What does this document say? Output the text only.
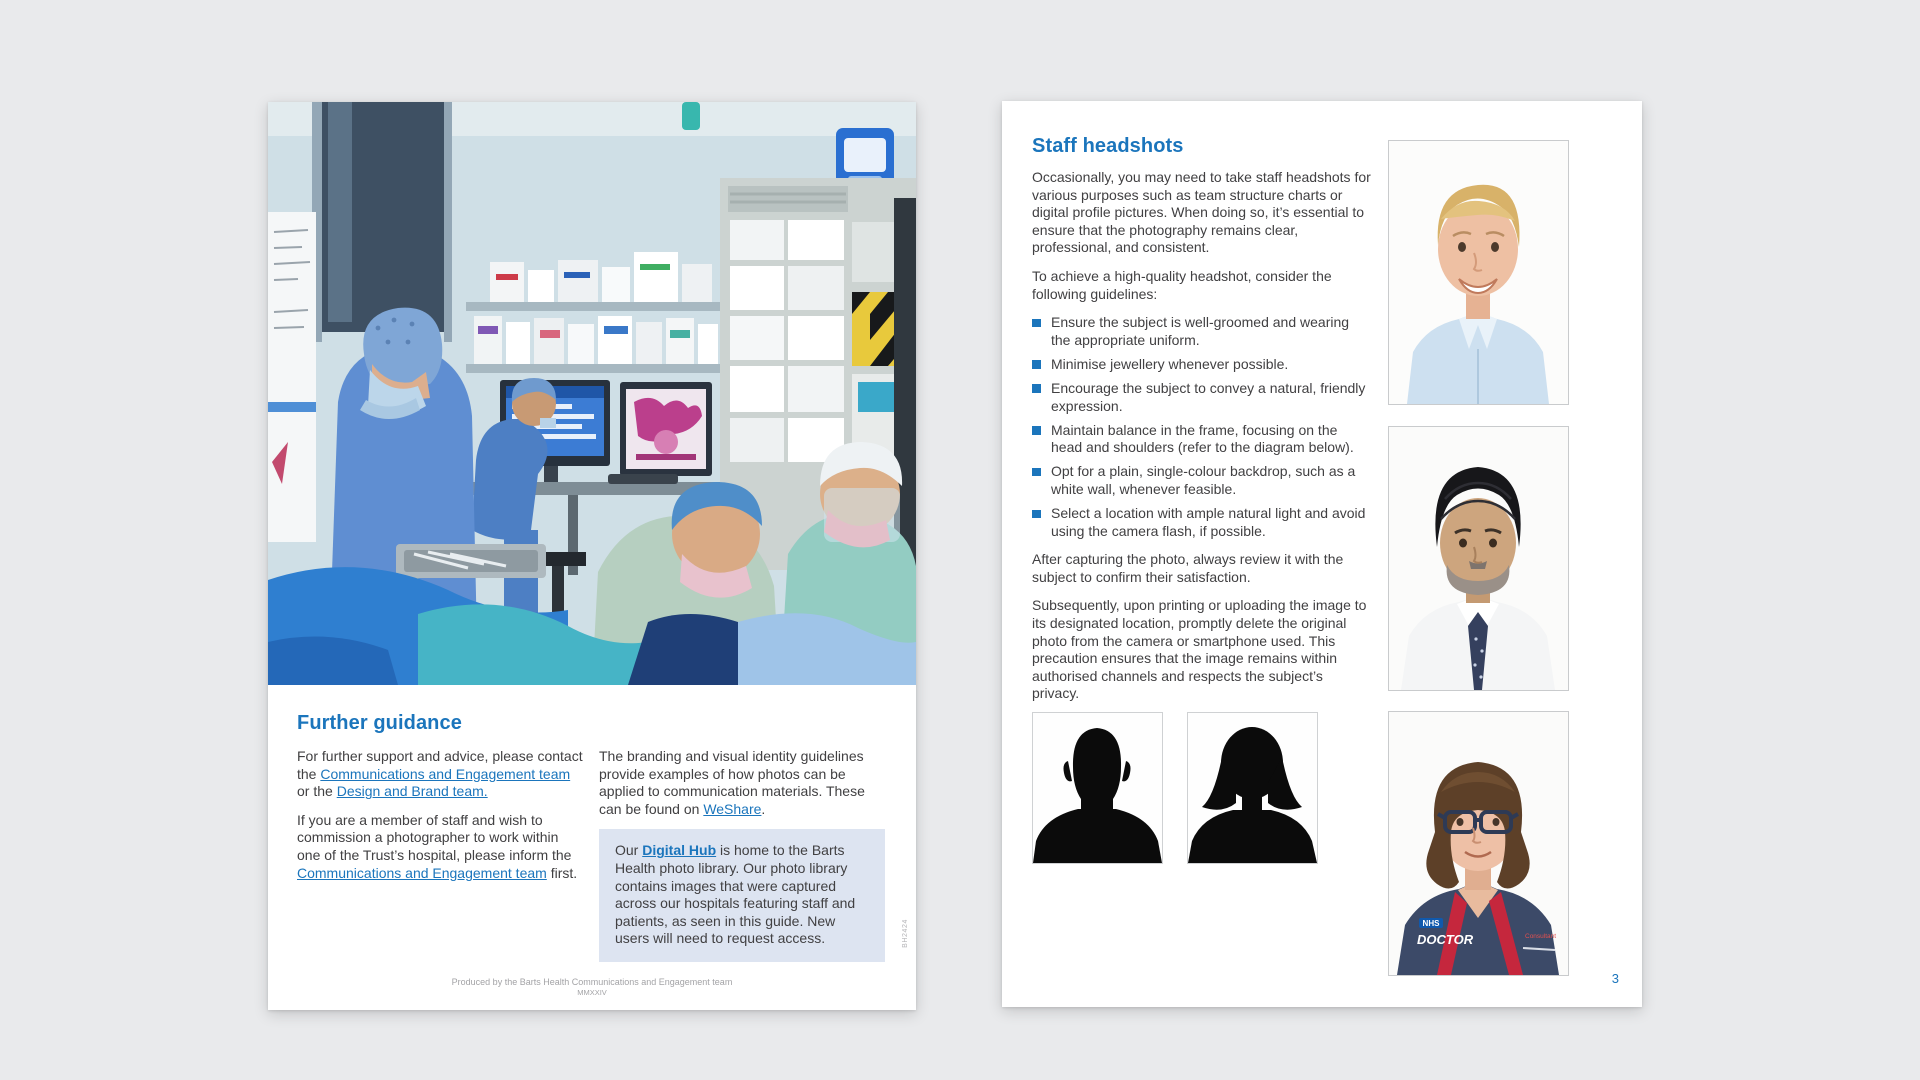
Further guidance

For further support and advice, please contact the Communications and Engagement team or the Design and Brand team.

If you are a member of staff and wish to commission a photographer to work within one of the Trust’s hospital, please inform the Communications and Engagement team first.

The branding and visual identity guidelines provide examples of how photos can be applied to communication materials. These can be found on WeShare.

Our Digital Hub is home to the Barts Health photo library. Our photo library contains images that were captured across our hospitals featuring staff and patients, as seen in this guide. New users will need to request access.

Produced by the Barts Health Communications and Engagement team
MMXXIV
BH2424
Staff headshots

Occasionally, you may need to take staff headshots for various purposes such as team structure charts or digital profile pictures. When doing so, it’s essential to ensure that the photography remains clear, professional, and consistent.

To achieve a high-quality headshot, consider the following guidelines:

Ensure the subject is well-groomed and wearing the appropriate uniform.
Minimise jewellery whenever possible.
Encourage the subject to convey a natural, friendly expression.
Maintain balance in the frame, focusing on the head and shoulders (refer to the diagram below).
Opt for a plain, single-colour backdrop, such as a white wall, whenever feasible.
Select a location with ample natural light and avoid using the camera flash, if possible.

After capturing the photo, always review it with the subject to confirm their satisfaction.

Subsequently, upon printing or uploading the image to its designated location, promptly delete the original photo from the camera or smartphone used. This precaution ensures that the image remains within authorised channels and respects the subject’s privacy.

NHS
DOCTOR	Consultant
3
